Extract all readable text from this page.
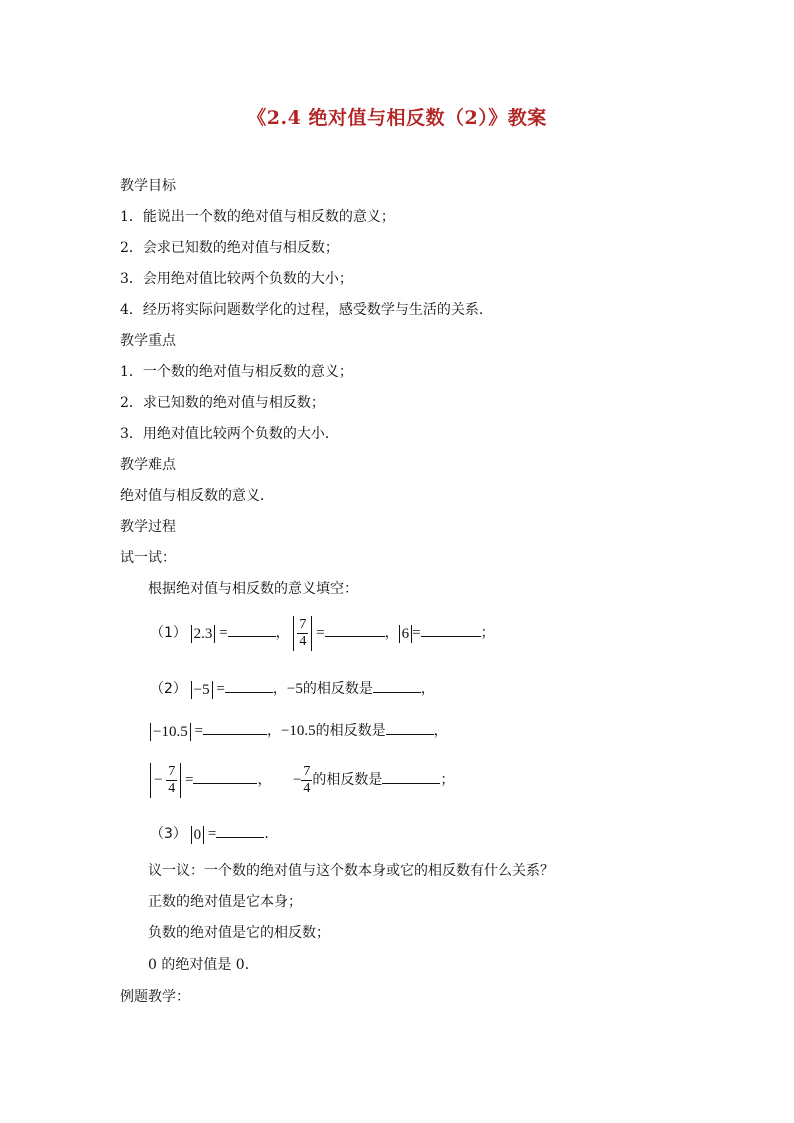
《2.4 绝对值与相反数（2）》教案
教学目标
1．能说出一个数的绝对值与相反数的意义；
2．会求已知数的绝对值与相反数；
3．会用绝对值比较两个负数的大小；
4．经历将实际问题数学化的过程，感受数学与生活的关系．
教学重点
1．一个数的绝对值与相反数的意义；
2．求已知数的绝对值与相反数；
3．用绝对值比较两个负数的大小．
教学难点
绝对值与相反数的意义．
教学过程
试一试：
根据绝对值与相反数的意义填空：
（1） 2.3 =	， $\frac{7}{4}$ =	， 6 =	；
（2） −5 =	，−5的相反数是	，
−10.5 =	，−10.5的相反数是	，
− $\frac{7}{4}$ =	， − $\frac{7}{4}$ 的相反数是	；
（3） 0 =	．
议一议：一个数的绝对值与这个数本身或它的相反数有什么关系？
正数的绝对值是它本身；
负数的绝对值是它的相反数；
0 的绝对值是 0．
例题教学：
